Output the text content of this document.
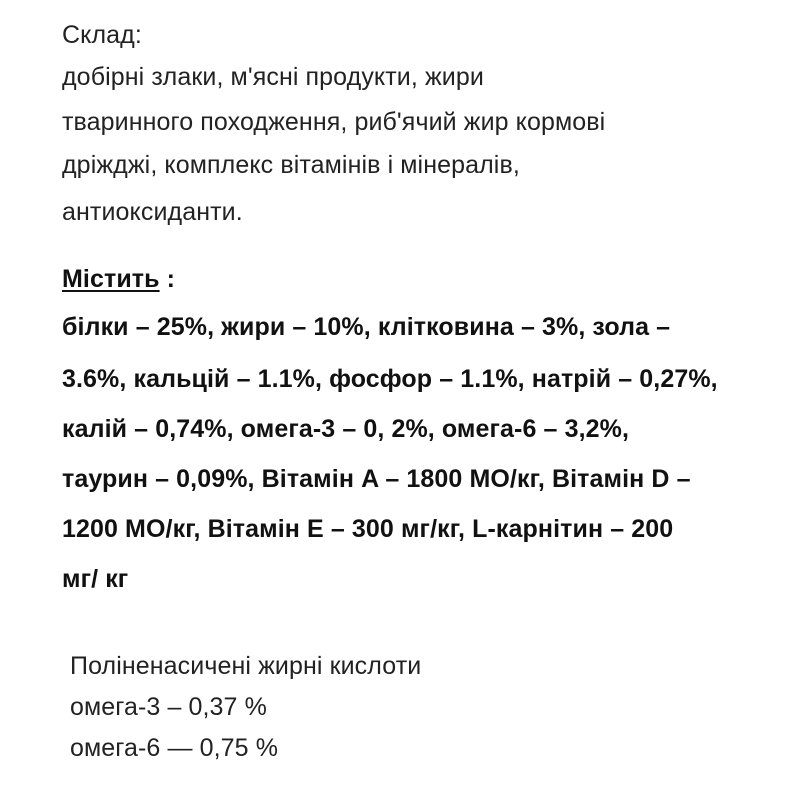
Склад:
добірні злаки, м'ясні продукти, жири
тваринного походження, риб'ячий жир кормові
дріжджі, комплекс вітамінів і мінералів,
антиоксиданти.
Містить :
білки – 25%, жири – 10%, клітковина – 3%, зола –
3.6%, кальцій – 1.1%, фосфор – 1.1%, натрій – 0,27%,
калій – 0,74%, омега-3 – 0, 2%, омега-6 – 3,2%,
таурин – 0,09%, Вітамін A – 1800 МО/кг, Вітамін D –
1200 МО/кг, Вітамін E – 300 мг/кг, L-карнітин – 200
мг/ кг
Поліненасичені жирні кислоти
омега-3 – 0,37 %
омега-6 — 0,75 %
